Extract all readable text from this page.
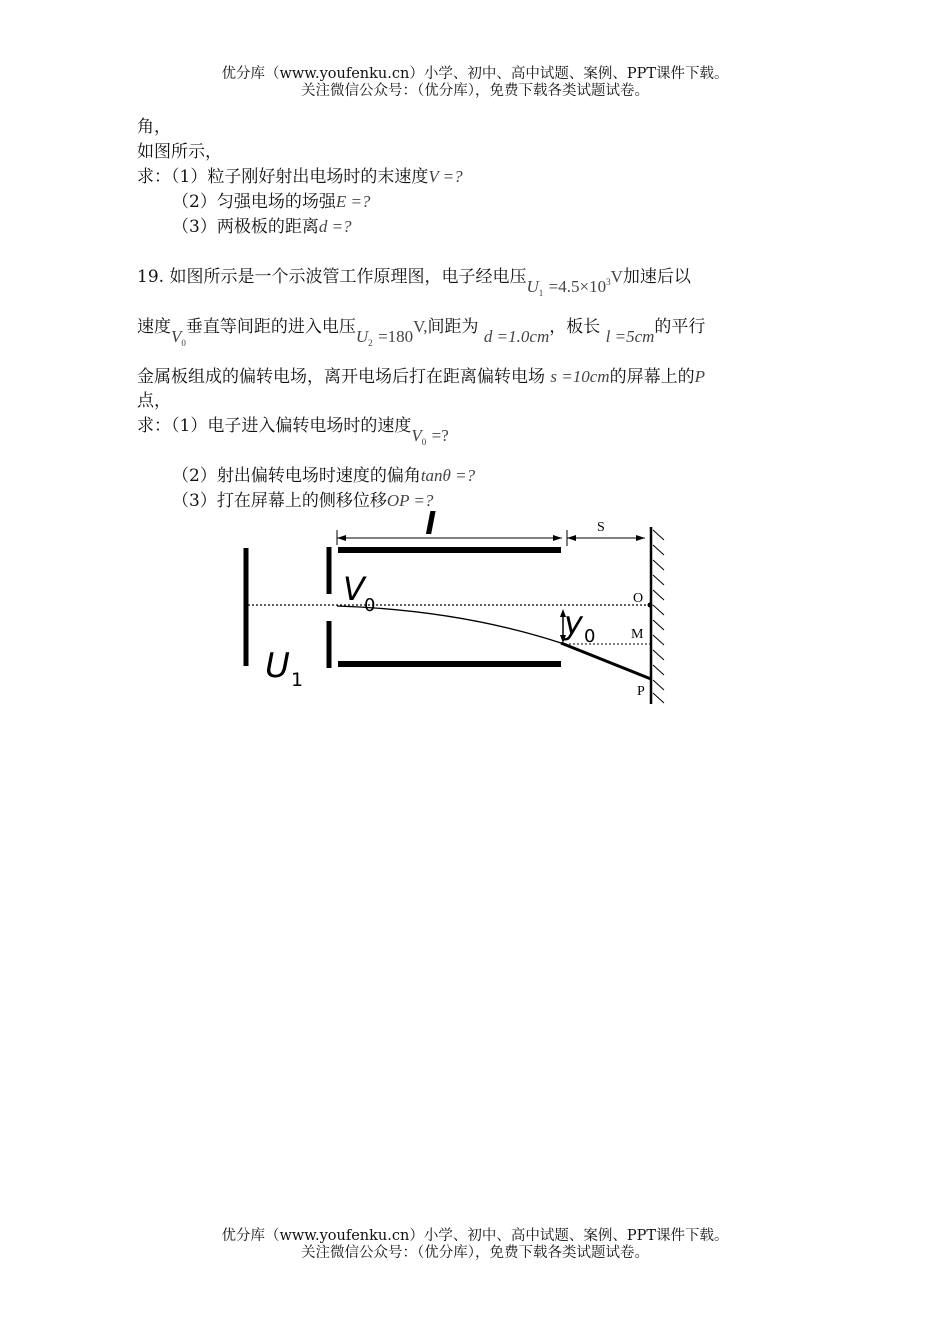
优分库（www.youfenku.cn）小学、初中、高中试题、案例、PPT课件下载。
关注微信公众号：（优分库），免费下载各类试题试卷。
角，
如图所示，
求：（1）粒子刚好射出电场时的末速度V =?
（2）匀强电场的场强E =?
（3）两极板的距离d =?
19. 如图所示是一个示波管工作原理图，电子经电压$U_1 =4.5\times 10^3V$加速后以
速度$V_0$垂直等间距的进入电压$U_2 =180V$,间距为 d =1.0cm，板长 l =5cm的平行
金属板组成的偏转电场，离开电场后打在距离偏转电场 s =10cm的屏幕上的P
点，
求：（1）电子进入偏转电场时的速度$V_0$ =?
（2）射出偏转电场时速度的偏角tanθ =?
（3）打在屏幕上的侧移位移OP =?
l	S
O
M
P
V 0	y 0
U 1
优分库（www.youfenku.cn）小学、初中、高中试题、案例、PPT课件下载。
关注微信公众号：（优分库），免费下载各类试题试卷。
